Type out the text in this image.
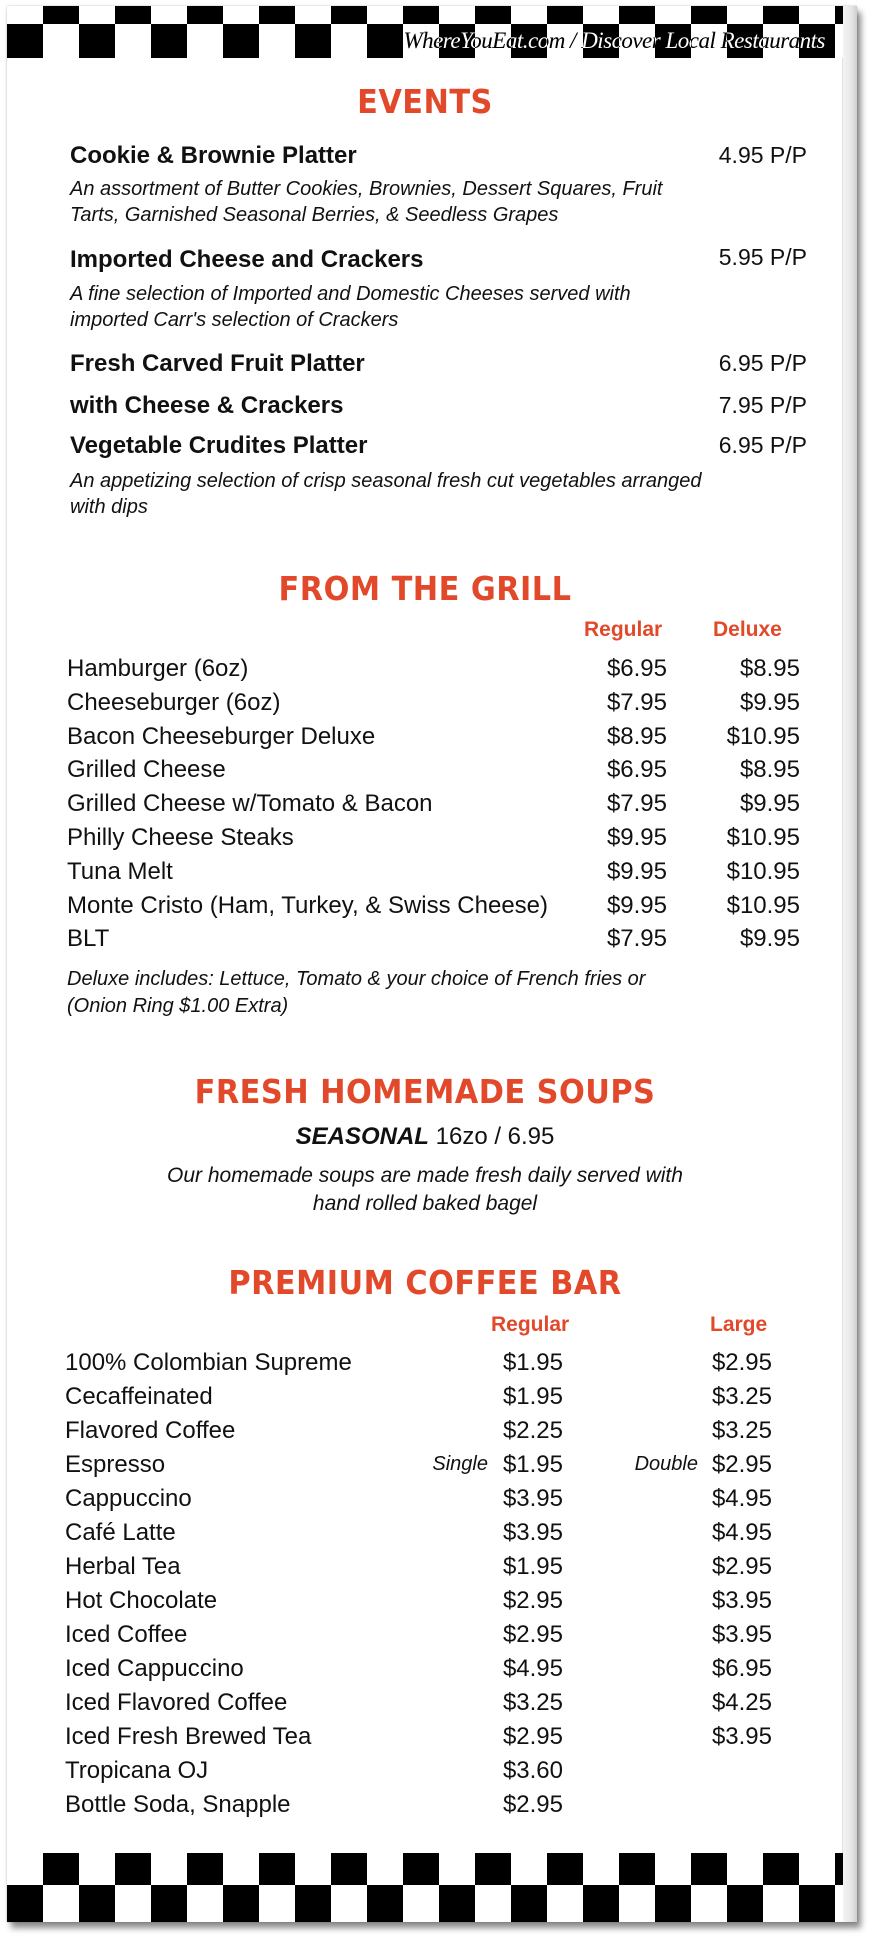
WhereYouEat.com / Discover Local Restaurants
EVENTS
Cookie & Brownie Platter	4.95 P/P
An assortment of Butter Cookies, Brownies, Dessert Squares, Fruit Tarts, Garnished Seasonal Berries, & Seedless Grapes
Imported Cheese and Crackers	5.95 P/P
A fine selection of Imported and Domestic Cheeses served with imported Carr's selection of Crackers
Fresh Carved Fruit Platter	6.95 P/P
with Cheese & Crackers	7.95 P/P
Vegetable Crudites Platter	6.95 P/P
An appetizing selection of crisp seasonal fresh cut vegetables arranged with dips
FROM THE GRILL
Regular Deluxe
Hamburger (6oz)	$6.95	$8.95
Cheeseburger (6oz)	$7.95	$9.95
Bacon Cheeseburger Deluxe	$8.95 $10.95
Grilled Cheese	$6.95	$8.95
Grilled Cheese w/Tomato & Bacon	$7.95	$9.95
Philly Cheese Steaks	$9.95 $10.95
Tuna Melt	$9.95 $10.95
Monte Cristo (Ham, Turkey, & Swiss Cheese) $9.95 $10.95
BLT	$7.95	$9.95
Deluxe includes: Lettuce, Tomato & your choice of French fries or
(Onion Ring $1.00 Extra)
FRESH HOMEMADE SOUPS
SEASONAL 16zo / 6.95
Our homemade soups are made fresh daily served with
hand rolled baked bagel
PREMIUM COFFEE BAR
Regular	Large
100% Colombian Supreme	$1.95	$2.95
Cecaffeinated	$1.95	$3.25
Flavored Coffee	$2.25	$3.25
Espresso	Single $1.95	Double $2.95
Cappuccino	$3.95	$4.95
Café Latte	$3.95	$4.95
Herbal Tea	$1.95	$2.95
Hot Chocolate	$2.95	$3.95
Iced Coffee	$2.95	$3.95
Iced Cappuccino	$4.95	$6.95
Iced Flavored Coffee	$3.25	$4.25
Iced Fresh Brewed Tea	$2.95	$3.95
Tropicana OJ	$3.60
Bottle Soda, Snapple	$2.95
